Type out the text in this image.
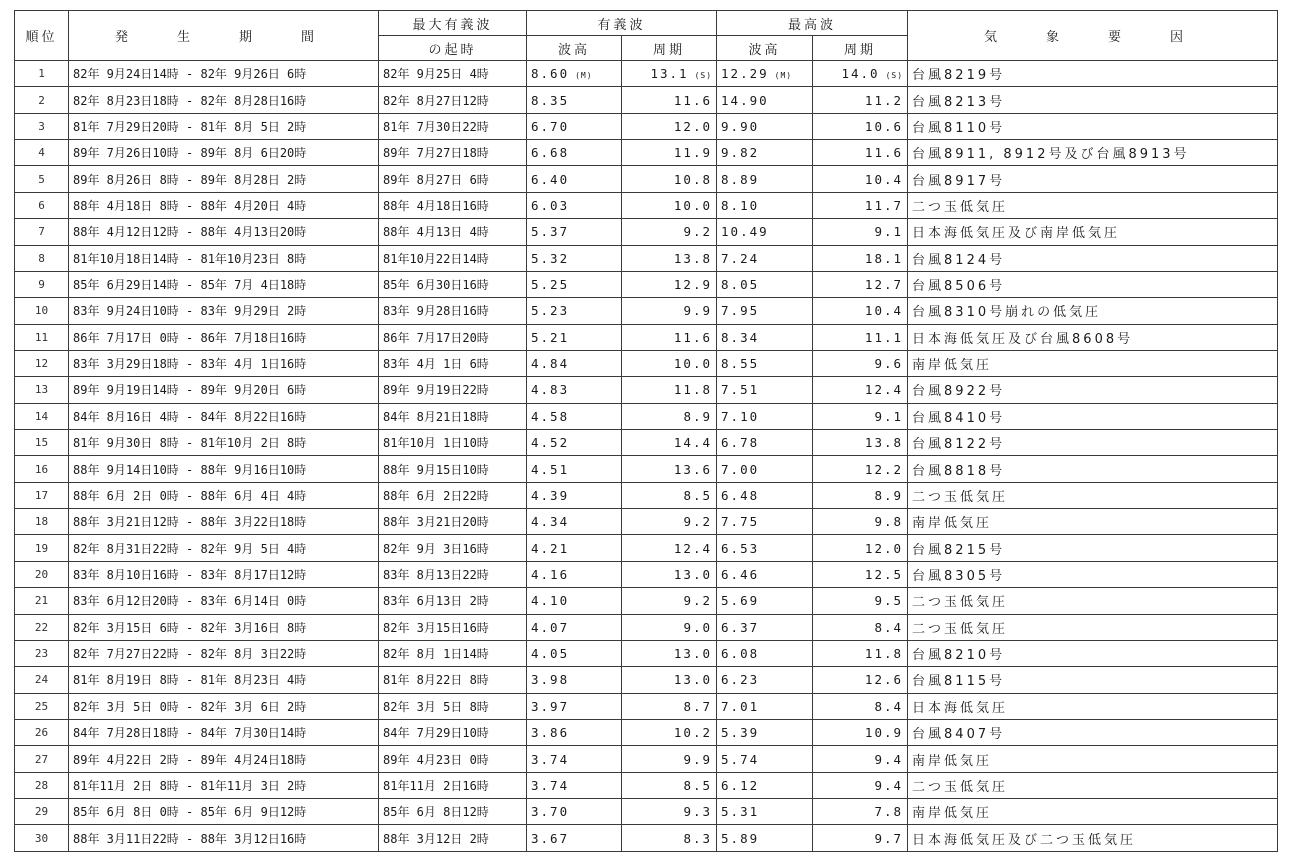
順位	発　生　期　間	最大有義波	有義波		最高波		気　象　要　因
		の起時	波高	周期	波高	周期	
1	82年 9月24日14時 - 82年 9月26日 6時	82年 9月25日 4時	8.60 (M)	13.1 (S)	12.29 (M)	14.0 (S)	台風8219号
2	82年 8月23日18時 - 82年 8月28日16時	82年 8月27日12時	8.35	11.6	14.90	11.2	台風8213号
3	81年 7月29日20時 - 81年 8月 5日 2時	81年 7月30日22時	6.70	12.0	9.90	10.6	台風8110号
4	89年 7月26日10時 - 89年 8月 6日20時	89年 7月27日18時	6.68	11.9	9.82	11.6	台風8911, 8912号及び台風8913号
5	89年 8月26日 8時 - 89年 8月28日 2時	89年 8月27日 6時	6.40	10.8	8.89	10.4	台風8917号
6	88年 4月18日 8時 - 88年 4月20日 4時	88年 4月18日16時	6.03	10.0	8.10	11.7	二つ玉低気圧
7	88年 4月12日12時 - 88年 4月13日20時	88年 4月13日 4時	5.37	9.2	10.49	9.1	日本海低気圧及び南岸低気圧
8	81年10月18日14時 - 81年10月23日 8時	81年10月22日14時	5.32	13.8	7.24	18.1	台風8124号
9	85年 6月29日14時 - 85年 7月 4日18時	85年 6月30日16時	5.25	12.9	8.05	12.7	台風8506号
10	83年 9月24日10時 - 83年 9月29日 2時	83年 9月28日16時	5.23	9.9	7.95	10.4	台風8310号崩れの低気圧
11	86年 7月17日 0時 - 86年 7月18日16時	86年 7月17日20時	5.21	11.6	8.34	11.1	日本海低気圧及び台風8608号
12	83年 3月29日18時 - 83年 4月 1日16時	83年 4月 1日 6時	4.84	10.0	8.55	9.6	南岸低気圧
13	89年 9月19日14時 - 89年 9月20日 6時	89年 9月19日22時	4.83	11.8	7.51	12.4	台風8922号
14	84年 8月16日 4時 - 84年 8月22日16時	84年 8月21日18時	4.58	8.9	7.10	9.1	台風8410号
15	81年 9月30日 8時 - 81年10月 2日 8時	81年10月 1日10時	4.52	14.4	6.78	13.8	台風8122号
16	88年 9月14日10時 - 88年 9月16日10時	88年 9月15日10時	4.51	13.6	7.00	12.2	台風8818号
17	88年 6月 2日 0時 - 88年 6月 4日 4時	88年 6月 2日22時	4.39	8.5	6.48	8.9	二つ玉低気圧
18	88年 3月21日12時 - 88年 3月22日18時	88年 3月21日20時	4.34	9.2	7.75	9.8	南岸低気圧
19	82年 8月31日22時 - 82年 9月 5日 4時	82年 9月 3日16時	4.21	12.4	6.53	12.0	台風8215号
20	83年 8月10日16時 - 83年 8月17日12時	83年 8月13日22時	4.16	13.0	6.46	12.5	台風8305号
21	83年 6月12日20時 - 83年 6月14日 0時	83年 6月13日 2時	4.10	9.2	5.69	9.5	二つ玉低気圧
22	82年 3月15日 6時 - 82年 3月16日 8時	82年 3月15日16時	4.07	9.0	6.37	8.4	二つ玉低気圧
23	82年 7月27日22時 - 82年 8月 3日22時	82年 8月 1日14時	4.05	13.0	6.08	11.8	台風8210号
24	81年 8月19日 8時 - 81年 8月23日 4時	81年 8月22日 8時	3.98	13.0	6.23	12.6	台風8115号
25	82年 3月 5日 0時 - 82年 3月 6日 2時	82年 3月 5日 8時	3.97	8.7	7.01	8.4	日本海低気圧
26	84年 7月28日18時 - 84年 7月30日14時	84年 7月29日10時	3.86	10.2	5.39	10.9	台風8407号
27	89年 4月22日 2時 - 89年 4月24日18時	89年 4月23日 0時	3.74	9.9	5.74	9.4	南岸低気圧
28	81年11月 2日 8時 - 81年11月 3日 2時	81年11月 2日16時	3.74	8.5	6.12	9.4	二つ玉低気圧
29	85年 6月 8日 0時 - 85年 6月 9日12時	85年 6月 8日12時	3.70	9.3	5.31	7.8	南岸低気圧
30	88年 3月11日22時 - 88年 3月12日16時	88年 3月12日 2時	3.67	8.3	5.89	9.7	日本海低気圧及び二つ玉低気圧
